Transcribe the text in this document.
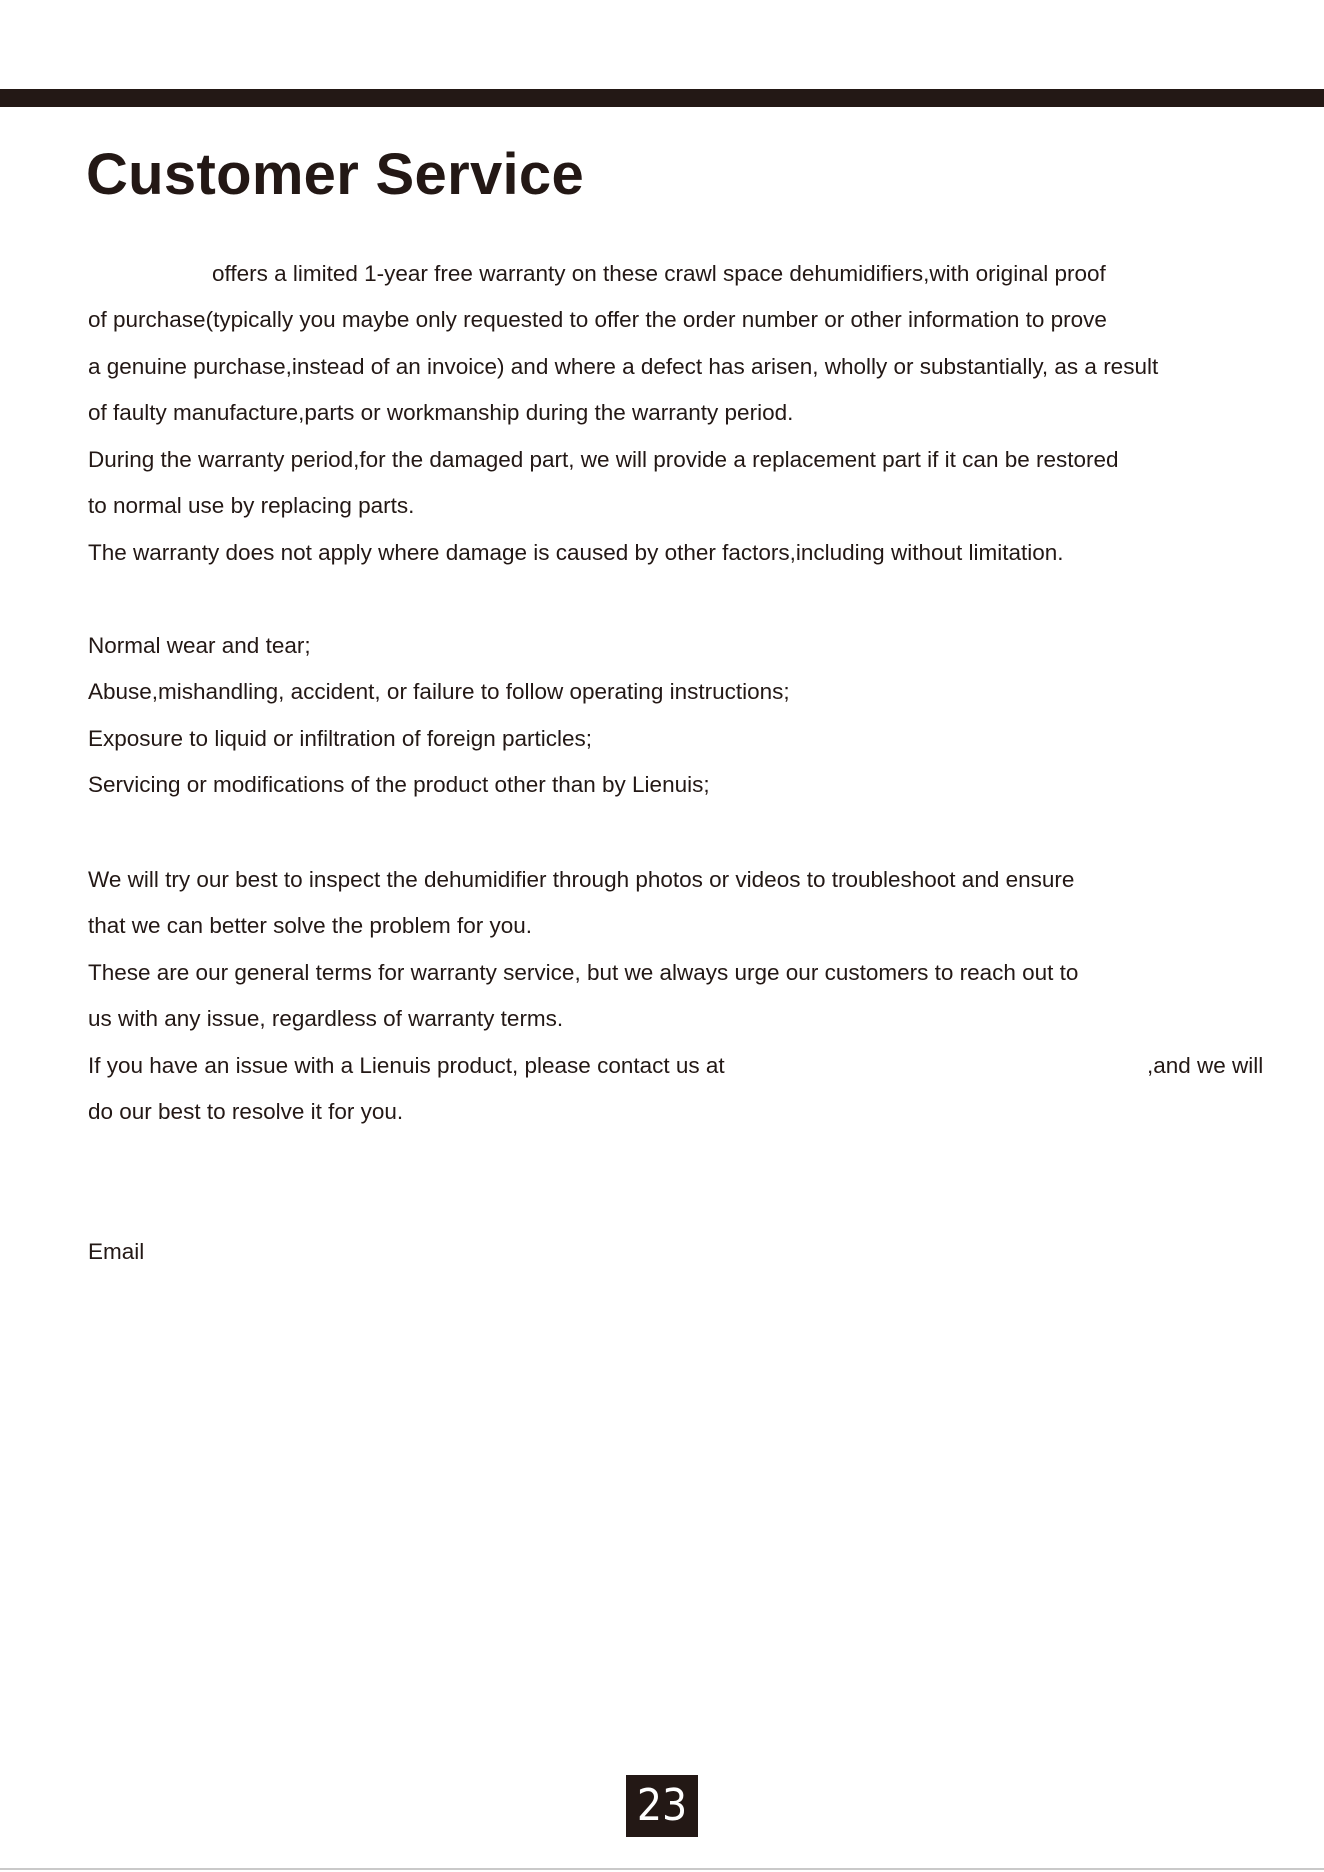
Customer Service
offers a limited 1-year free warranty on these crawl space dehumidifiers,with original proof
of purchase(typically you maybe only requested to offer the order number or other information to prove
a genuine purchase,instead of an invoice) and where a defect has arisen, wholly or substantially, as a result
of faulty manufacture,parts or workmanship during the warranty period.
During the warranty period,for the damaged part, we will provide a replacement part if it can be restored
to normal use by replacing parts.
The warranty does not apply where damage is caused by other factors,including without limitation.
Normal wear and tear;
Abuse,mishandling, accident, or failure to follow operating instructions;
Exposure to liquid or infiltration of foreign particles;
Servicing or modifications of the product other than by Lienuis;
We will try our best to inspect the dehumidifier through photos or videos to troubleshoot and ensure
that we can better solve the problem for you.
These are our general terms for warranty service, but we always urge our customers to reach out to
us with any issue, regardless of warranty terms.
If you have an issue with a Lienuis product, please contact us at	,and we will
do our best to resolve it for you.
Email
23
